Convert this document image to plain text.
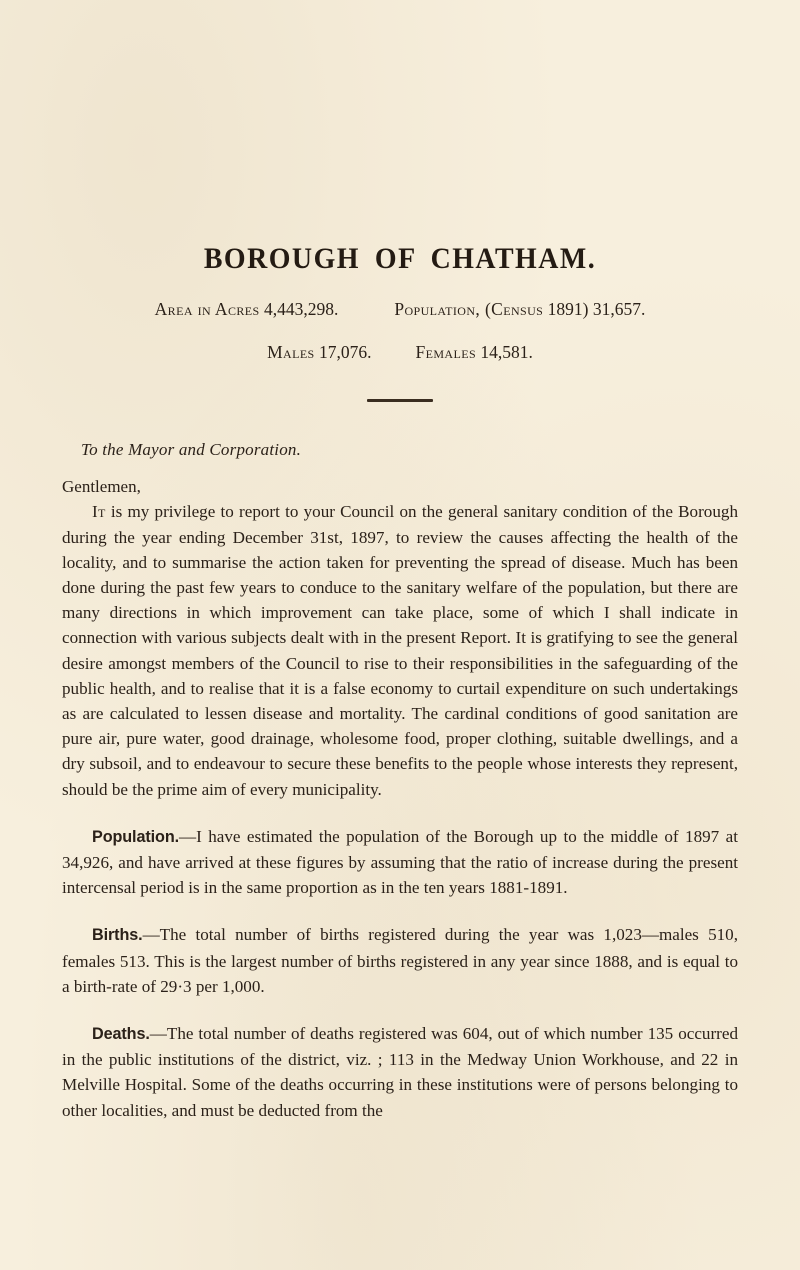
BOROUGH OF CHATHAM.
Area in Acres 4,443,298.	Population, (Census 1891) 31,657.
Males 17,076.	Females 14,581.
To the Mayor and Corporation.
Gentlemen,

It is my privilege to report to your Council on the general sanitary condition of the Borough during the year ending December 31st, 1897, to review the causes affecting the health of the locality, and to summarise the action taken for preventing the spread of disease. Much has been done during the past few years to conduce to the sanitary welfare of the population, but there are many directions in which improvement can take place, some of which I shall indicate in connection with various subjects dealt with in the present Report. It is gratifying to see the general desire amongst members of the Council to rise to their responsibilities in the safeguarding of the public health, and to realise that it is a false economy to curtail expenditure on such undertakings as are calculated to lessen disease and mortality. The cardinal conditions of good sanitation are pure air, pure water, good drainage, wholesome food, proper clothing, suitable dwellings, and a dry subsoil, and to endeavour to secure these benefits to the people whose interests they represent, should be the prime aim of every municipality.

Population.—I have estimated the population of the Borough up to the middle of 1897 at 34,926, and have arrived at these figures by assuming that the ratio of increase during the present intercensal period is in the same proportion as in the ten years 1881-1891.

Births.—The total number of births registered during the year was 1,023—males 510, females 513. This is the largest number of births registered in any year since 1888, and is equal to a birth-rate of 29·3 per 1,000.

Deaths.—The total number of deaths registered was 604, out of which number 135 occurred in the public institutions of the district, viz. ; 113 in the Medway Union Workhouse, and 22 in Melville Hospital. Some of the deaths occurring in these institutions were of persons belonging to other localities, and must be deducted from the
